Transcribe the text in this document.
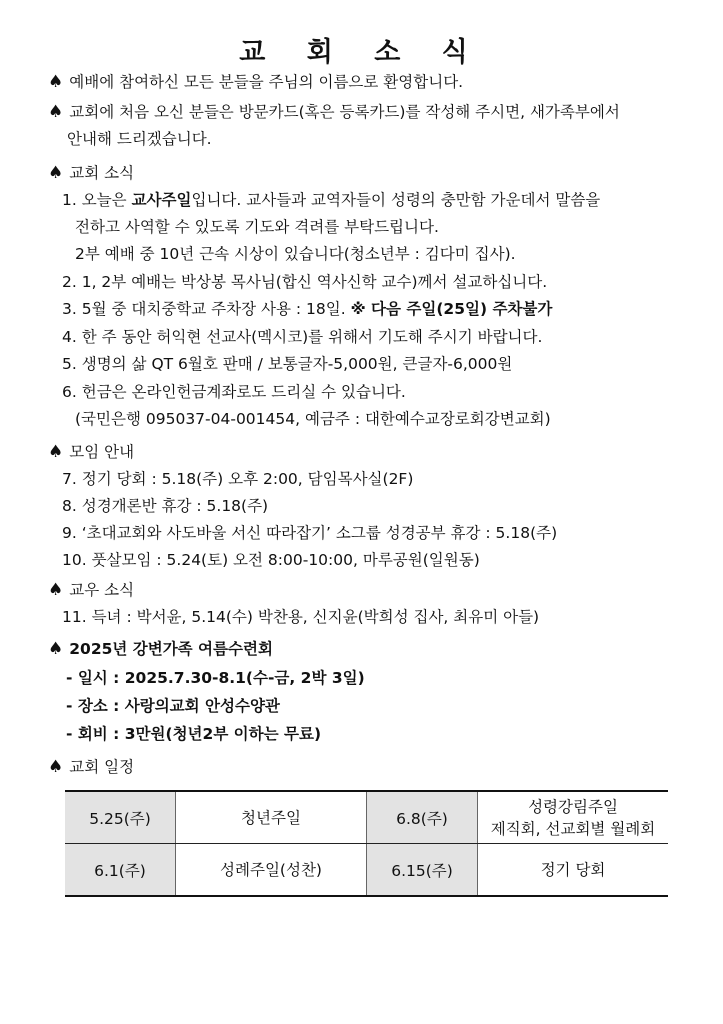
교 회 소 식
♠ 예배에 참여하신 모든 분들을 주님의 이름으로 환영합니다.
♠ 교회에 처음 오신 분들은 방문카드(혹은 등록카드)를 작성해 주시면, 새가족부에서
안내해 드리겠습니다.
♠ 교회 소식
1. 오늘은 교사주일입니다. 교사들과 교역자들이 성령의 충만함 가운데서 말씀을
전하고 사역할 수 있도록 기도와 격려를 부탁드립니다.
2부 예배 중 10년 근속 시상이 있습니다(청소년부 : 김다미 집사).
2. 1, 2부 예배는 박상봉 목사님(합신 역사신학 교수)께서 설교하십니다.
3. 5월 중 대치중학교 주차장 사용 : 18일. ※ 다음 주일(25일) 주차불가
4. 한 주 동안 허익현 선교사(멕시코)를 위해서 기도해 주시기 바랍니다.
5. 생명의 삶 QT 6월호 판매 / 보통글자-5,000원, 큰글자-6,000원
6. 헌금은 온라인헌금계좌로도 드리실 수 있습니다.
(국민은행 095037-04-001454, 예금주 : 대한예수교장로회강변교회)
♠ 모임 안내
7. 정기 당회 : 5.18(주) 오후 2:00, 담임목사실(2F)
8. 성경개론반 휴강 : 5.18(주)
9. ‘초대교회와 사도바울 서신 따라잡기’ 소그룹 성경공부 휴강 : 5.18(주)
10. 풋살모임 : 5.24(토) 오전 8:00-10:00, 마루공원(일원동)
♠ 교우 소식
11. 득녀 : 박서윤, 5.14(수) 박찬용, 신지윤(박희성 집사, 최유미 아들)
♠ 2025년 강변가족 여름수련회
- 일시 : 2025.7.30-8.1(수-금, 2박 3일)
- 장소 : 사랑의교회 안성수양관
- 회비 : 3만원(청년2부 이하는 무료)
♠ 교회 일정
5.25(주)	청년주일	6.8(주)	성령강림주일
제직회, 선교회별 월례회

6.1(주)	성례주일(성찬)	6.15(주)	정기 당회
